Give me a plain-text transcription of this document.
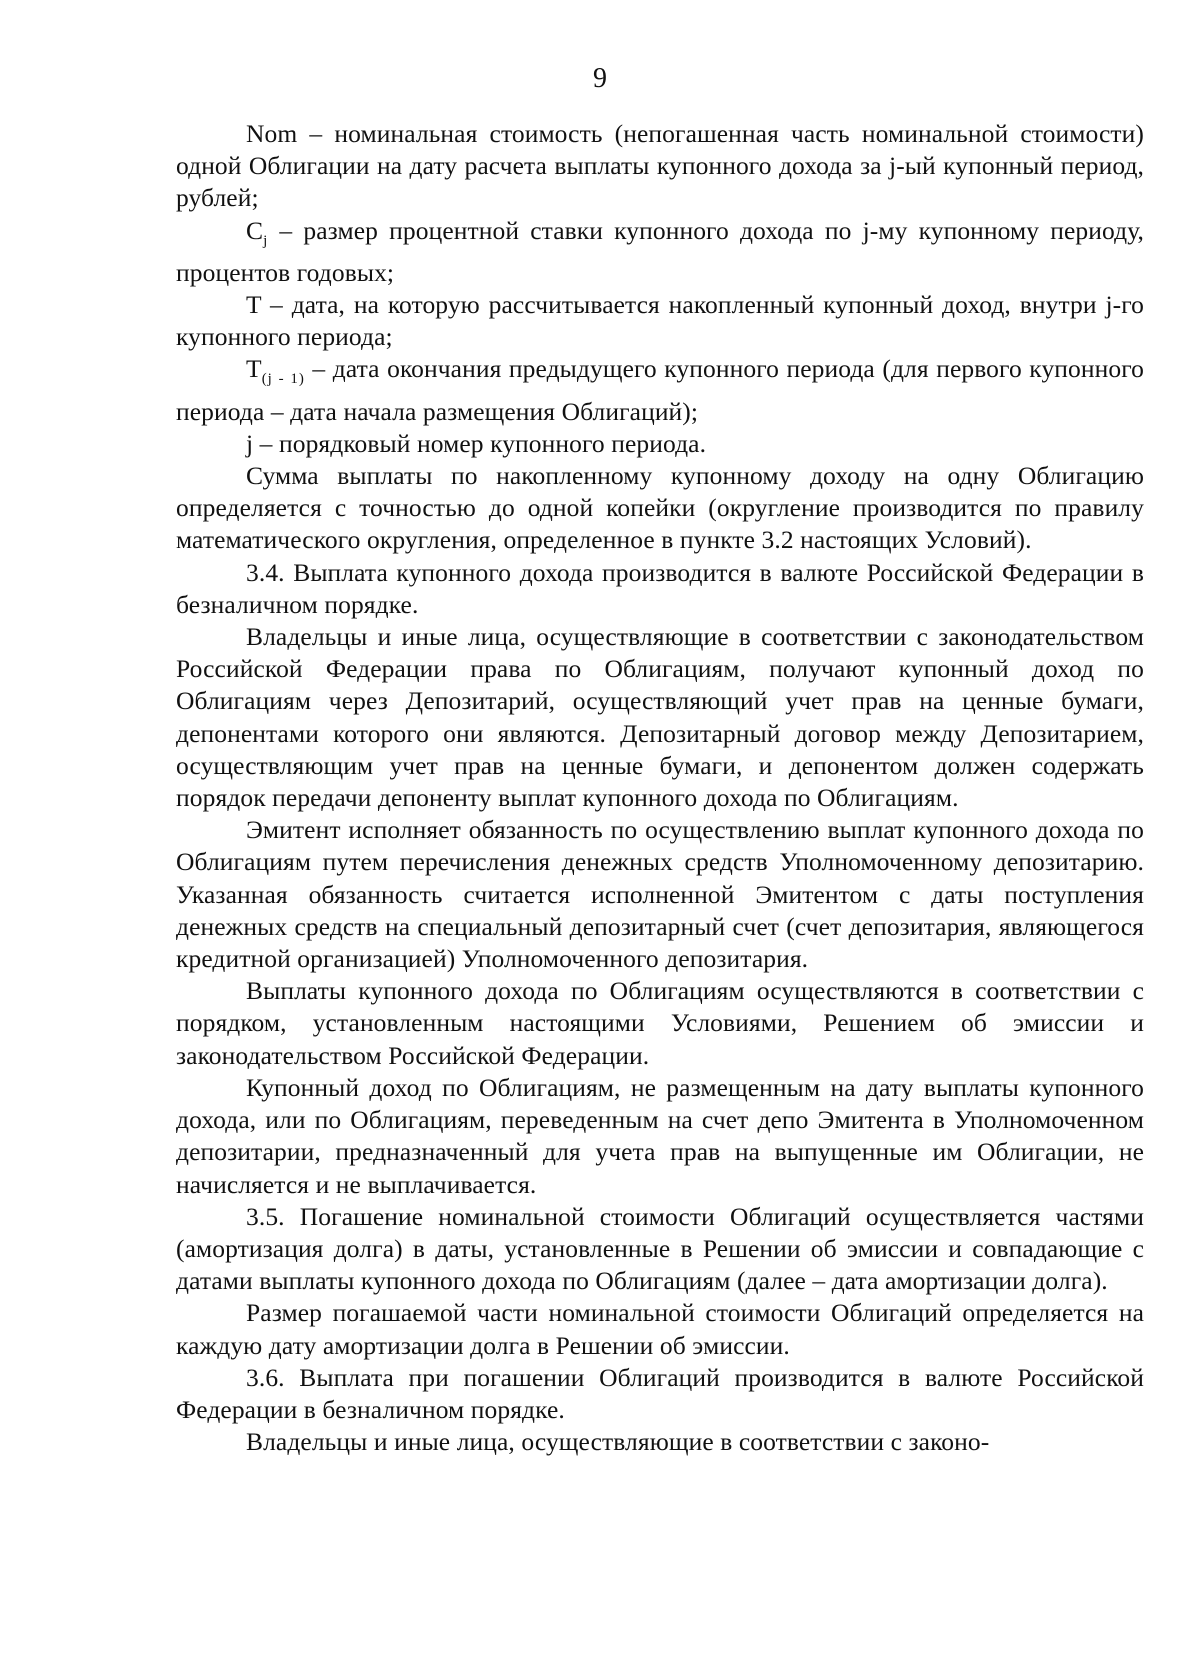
9

Nom – номинальная стоимость (непогашенная часть номинальной стоимости) одной Облигации на дату расчета выплаты купонного дохода за j-ый купонный период, рублей;

$C_j$ – размер процентной ставки купонного дохода по j-му купонному периоду, процентов годовых;

T – дата, на которую рассчитывается накопленный купонный доход, внутри j-го купонного периода;

$T_{(j - 1)}$ – дата окончания предыдущего купонного периода (для первого купонного периода – дата начала размещения Облигаций);

j – порядковый номер купонного периода.

Сумма выплаты по накопленному купонному доходу на одну Облигацию определяется с точностью до одной копейки (округление производится по правилу математического округления, определенное в пункте 3.2 настоящих Условий).

3.4. Выплата купонного дохода производится в валюте Российской Федерации в безналичном порядке.

Владельцы и иные лица, осуществляющие в соответствии с законодательством Российской Федерации права по Облигациям, получают купонный доход по Облигациям через Депозитарий, осуществляющий учет прав на ценные бумаги, депонентами которого они являются. Депозитарный договор между Депозитарием, осуществляющим учет прав на ценные бумаги, и депонентом должен содержать порядок передачи депоненту выплат купонного дохода по Облигациям.

Эмитент исполняет обязанность по осуществлению выплат купонного дохода по Облигациям путем перечисления денежных средств Уполномоченному депозитарию. Указанная обязанность считается исполненной Эмитентом с даты поступления денежных средств на специальный депозитарный счет (счет депозитария, являющегося кредитной организацией) Уполномоченного депозитария.

Выплаты купонного дохода по Облигациям осуществляются в соответствии с порядком, установленным настоящими Условиями, Решением об эмиссии и законодательством Российской Федерации.

Купонный доход по Облигациям, не размещенным на дату выплаты купонного дохода, или по Облигациям, переведенным на счет депо Эмитента в Уполномоченном депозитарии, предназначенный для учета прав на выпущенные им Облигации, не начисляется и не выплачивается.

3.5. Погашение номинальной стоимости Облигаций осуществляется частями (амортизация долга) в даты, установленные в Решении об эмиссии и совпадающие с датами выплаты купонного дохода по Облигациям (далее – дата амортизации долга).

Размер погашаемой части номинальной стоимости Облигаций определяется на каждую дату амортизации долга в Решении об эмиссии.

3.6. Выплата при погашении Облигаций производится в валюте Российской Федерации в безналичном порядке.

Владельцы и иные лица, осуществляющие в соответствии с законо-
